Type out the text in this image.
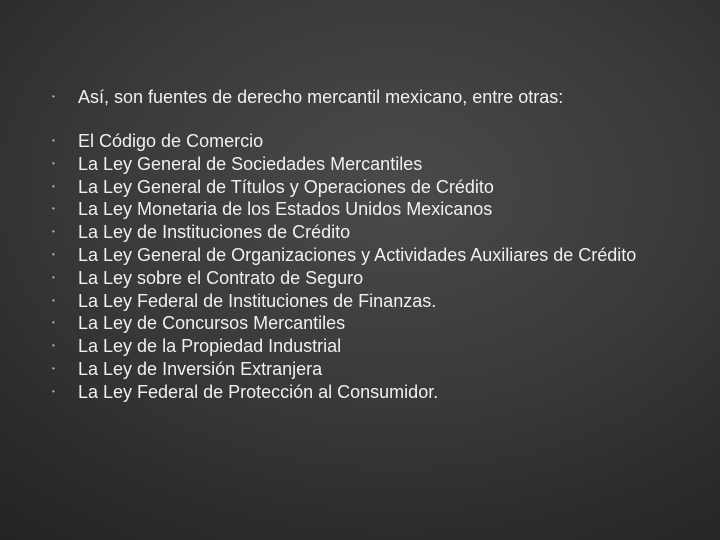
•	Así, son fuentes de derecho mercantil mexicano, entre otras:
•	El Código de Comercio
•	La Ley General de Sociedades Mercantiles
•	La Ley General de Títulos y Operaciones de Crédito
•	La Ley Monetaria de los Estados Unidos Mexicanos
•	La Ley de Instituciones de Crédito
•	La Ley General de Organizaciones y Actividades Auxiliares de Crédito
•	La Ley sobre el Contrato de Seguro
•	La Ley Federal de Instituciones de Finanzas.
•	La Ley de Concursos Mercantiles
•	La Ley de la Propiedad Industrial
•	La Ley de Inversión Extranjera
•	La Ley Federal de Protección al Consumidor.
